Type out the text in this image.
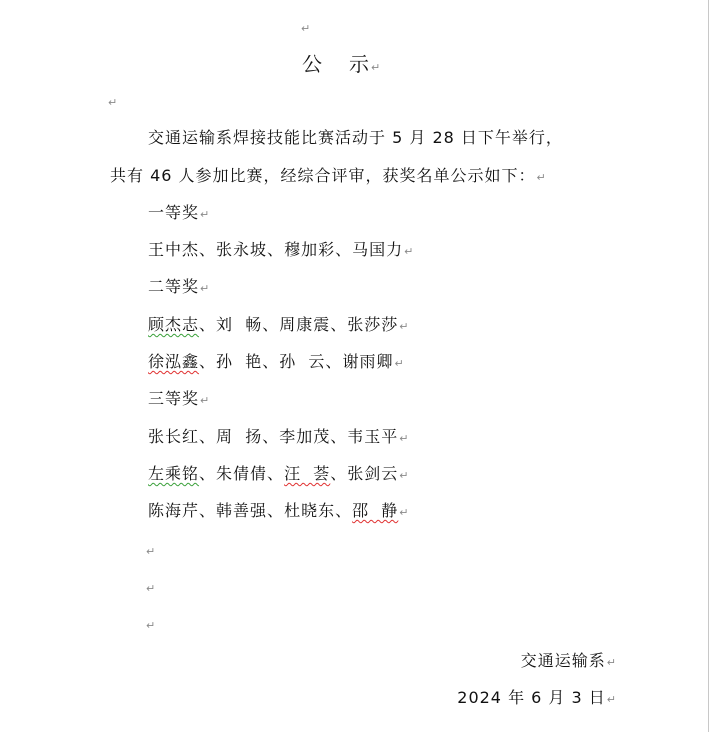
↵
公 示↵
↵
交通运输系焊接技能比赛活动于 5 月 28 日下午举行，
共有 46 人参加比赛，经综合评审，获奖名单公示如下：↵
一等奖↵
王中杰、张永坡、穆加彩、马国力↵
二等奖↵
顾杰志、刘  畅、周康震、张莎莎↵
徐泓鑫、孙  艳、孙  云、谢雨卿↵
三等奖↵
张长红、周  扬、李加茂、韦玉平↵
左乘铭、朱倩倩、汪  荟、张剑云↵
陈海芹、韩善强、杜晓东、邵  静↵
↵
↵
↵
交通运输系↵
2024 年 6 月 3 日↵
